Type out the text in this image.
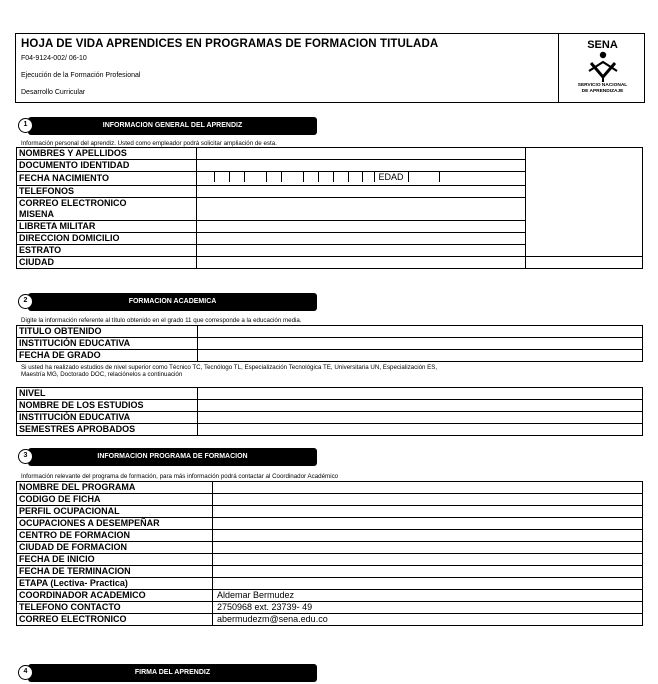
HOJA DE VIDA APRENDICES EN PROGRAMAS DE FORMACION TITULADA
F04-9124-002/ 06-10
Ejecución de la Formación Profesional
Desarrollo Curricular
SENA
SERVICIO NACIONAL
DE APRENDIZAJE
INFORMACION GENERAL DEL APRENDIZ
1
Información personal del aprendiz. Usted como empleador podrá solicitar ampliación de esta.
NOMBRES Y APELLIDOS		
DOCUMENTO IDENTIDAD		
FECHA NACIMIENTO	EDAD	
TELEFONOS		
CORREO ELECTRONICO		
MISENA		
LIBRETA MILITAR		
DIRECCION DOMICILIO		
ESTRATO		
CIUDAD		
FORMACION ACADEMICA
2
Digite la información referente al título obtenido en el grado 11 que corresponde a la educación media.
TITULO OBTENIDO	
INSTITUCIÓN EDUCATIVA	
FECHA DE GRADO	
Si usted ha realizado estudios de nivel superior como Técnico TC, Tecnólogo TL, Especialización Tecnológica TE, Universitaria UN, Especialización ES,
Maestría MG, Doctorado DOC, relaciónelos a continuación
NIVEL	
NOMBRE DE LOS ESTUDIOS	
INSTITUCIÓN EDUCATIVA	
SEMESTRES APROBADOS	
INFORMACION PROGRAMA DE FORMACION
3
Información relevante del programa de formación, para más información podrá contactar al Coordinador Académico
NOMBRE DEL PROGRAMA	
CODIGO DE FICHA	
PERFIL OCUPACIONAL	
OCUPACIONES A DESEMPEÑAR	
CENTRO DE FORMACION	
CIUDAD DE FORMACION	
FECHA DE INICIO	
FECHA DE TERMINACION	
ETAPA (Lectiva- Practica)	
COORDINADOR ACADEMICO	Aldemar Bermudez
TELEFONO CONTACTO	2750968 ext. 23739- 49
CORREO ELECTRONICO	abermudezm@sena.edu.co
FIRMA DEL APRENDIZ
4
